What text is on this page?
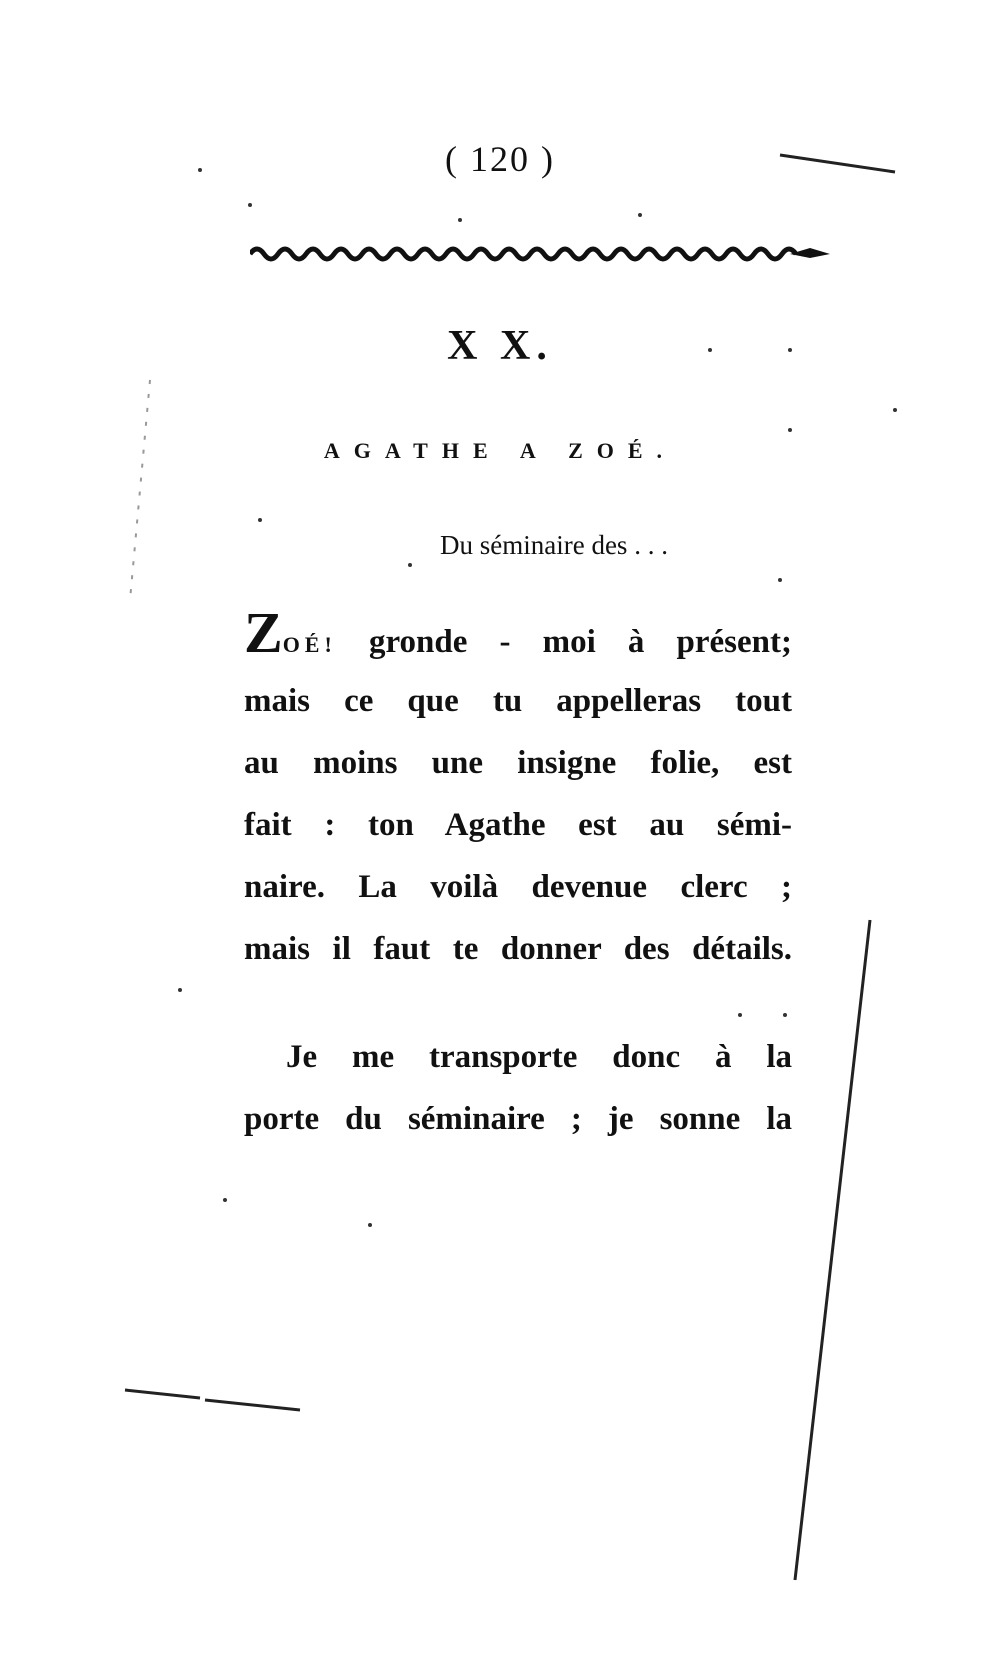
( 120 )
X X.
AGATHE A ZOÉ.
Du séminaire des . . .
ZOÉ! gronde - moi à présent;
mais ce que tu appelleras tout
au moins une insigne folie, est
fait : ton Agathe est au sémi-
naire. La voilà devenue clerc ;
mais il faut te donner des détails.
Je me transporte donc à la
porte du séminaire ; je sonne la
